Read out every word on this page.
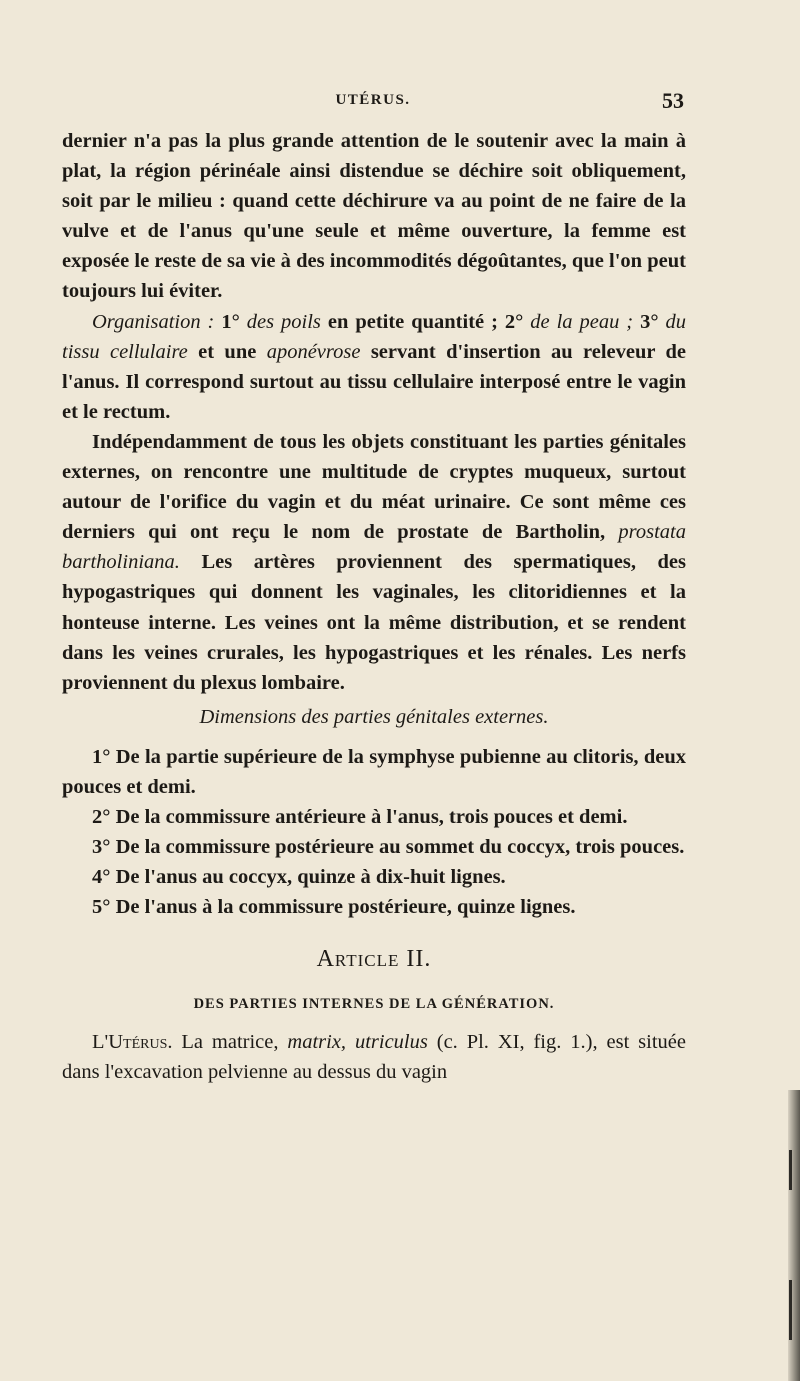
UTÉRUS.	53

dernier n'a pas la plus grande attention de le soutenir avec la main à plat, la région périnéale ainsi distendue se déchire soit obliquement, soit par le milieu : quand cette déchirure va au point de ne faire de la vulve et de l'anus qu'une seule et même ouverture, la femme est exposée le reste de sa vie à des incommodités dégoûtantes, que l'on peut toujours lui éviter.

Organisation : 1° des poils en petite quantité ; 2° de la peau ; 3° du tissu cellulaire et une aponévrose servant d'insertion au releveur de l'anus. Il correspond surtout au tissu cellulaire interposé entre le vagin et le rectum.

Indépendamment de tous les objets constituant les parties génitales externes, on rencontre une multitude de cryptes muqueux, surtout autour de l'orifice du vagin et du méat urinaire. Ce sont même ces derniers qui ont reçu le nom de prostate de Bartholin, prostata bartholiniana. Les artères proviennent des spermatiques, des hypogastriques qui donnent les vaginales, les clitoridiennes et la honteuse interne. Les veines ont la même distribution, et se rendent dans les veines crurales, les hypogastriques et les rénales. Les nerfs proviennent du plexus lombaire.

Dimensions des parties génitales externes.

1° De la partie supérieure de la symphyse pubienne au clitoris, deux pouces et demi.

2° De la commissure antérieure à l'anus, trois pouces et demi.

3° De la commissure postérieure au sommet du coccyx, trois pouces.

4° De l'anus au coccyx, quinze à dix-huit lignes.

5° De l'anus à la commissure postérieure, quinze lignes.

Article II.

DES PARTIES INTERNES DE LA GÉNÉRATION.

L'Utérus. La matrice, matrix, utriculus (c. Pl. XI, fig. 1.), est située dans l'excavation pelvienne au dessus du vagin
